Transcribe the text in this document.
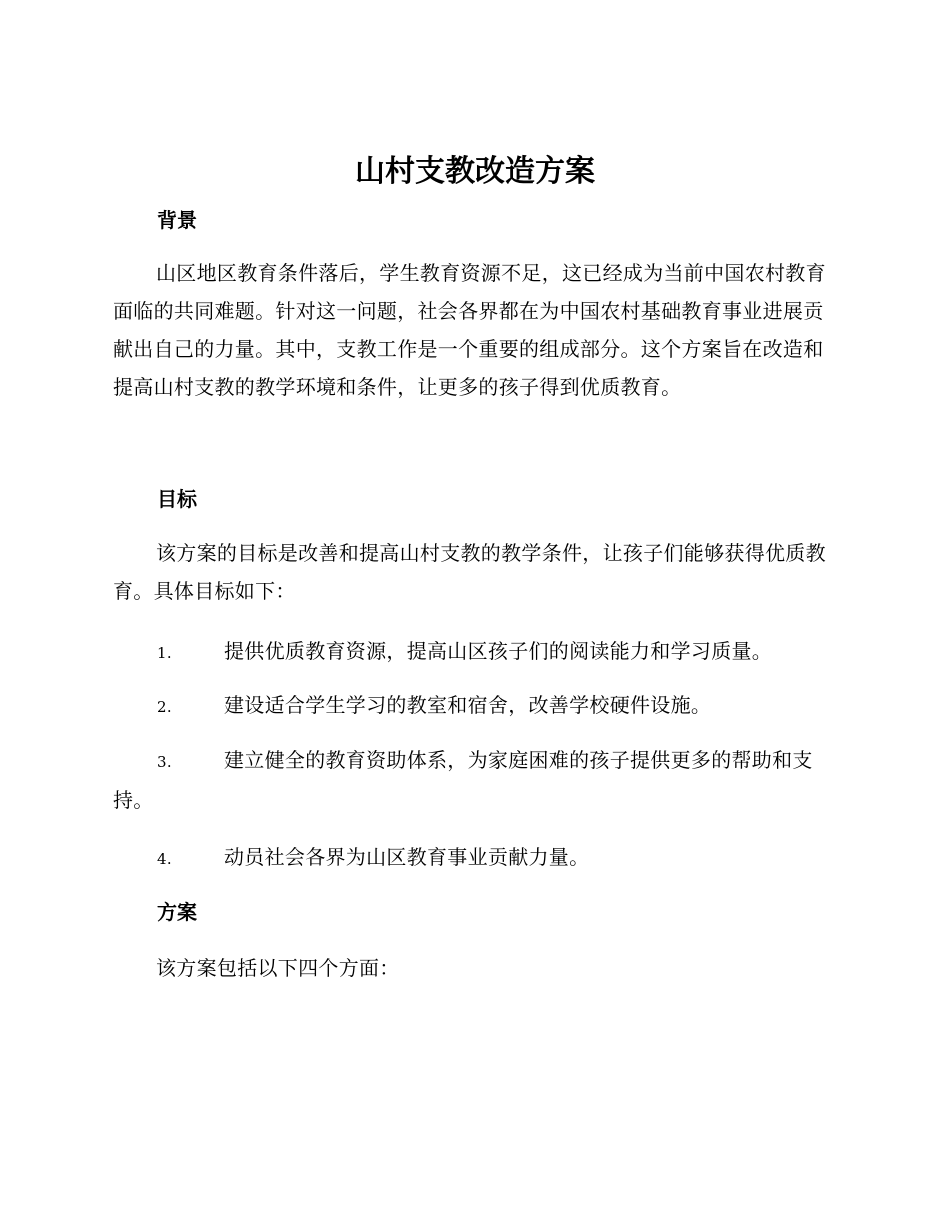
山村支教改造方案
背景

山区地区教育条件落后，学生教育资源不足，这已经成为当前中国农村教育面临的共同难题。针对这一问题，社会各界都在为中国农村基础教育事业进展贡献出自己的力量。其中，支教工作是一个重要的组成部分。这个方案旨在改造和提高山村支教的教学环境和条件，让更多的孩子得到优质教育。

目标

该方案的目标是改善和提高山村支教的教学条件，让孩子们能够获得优质教育。具体目标如下：

1.	提供优质教育资源，提高山区孩子们的阅读能力和学习质量。

2.	建设适合学生学习的教室和宿舍，改善学校硬件设施。

3.	建立健全的教育资助体系，为家庭困难的孩子提供更多的帮助和支持。

4.	动员社会各界为山区教育事业贡献力量。

方案

该方案包括以下四个方面：
